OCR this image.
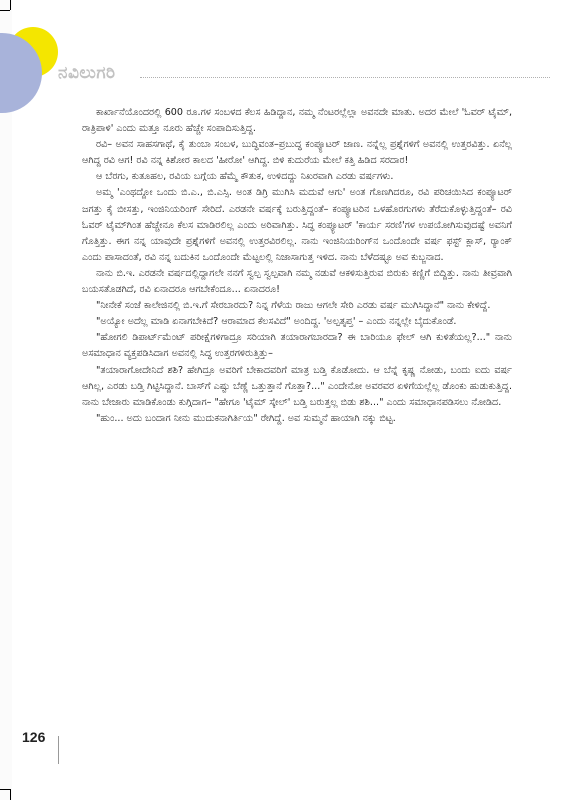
ನವಿಲುಗರಿ

ಕಾರ್ಖಾನೆಯೊಂದರಲ್ಲಿ 600 ರೂ.ಗಳ ಸಂಬಳದ ಕೆಲಸ ಹಿಡಿದ್ದಾನ, ನಮ್ಮ ನೆಂಟರಲ್ಲೆಲ್ಲಾ ಅವನದೇ ಮಾತು. ಅದರ ಮೇಲೆ 'ಓವರ್ ಟೈಮ್, ರಾತ್ರಿಪಾಳಿ' ಎಂದು ಮತ್ತೂ ನೂರು ಹೆಚ್ಚೇ ಸಂಪಾದಿಸುತ್ತಿದ್ದ.

ರವಿ– ಅವನ ಸಾಹಸಗಾಥೆ, ಕೈ ತುಂಬಾ ಸಂಬಳ, ಬುದ್ಧಿವಂತ–ಪ್ರಬುದ್ಧ ಕಂಪ್ಯೂಟರ್ ಜಾಣ. ನನ್ನೆಲ್ಲ ಪ್ರಶ್ನೆಗಳಿಗೆ ಅವನಲ್ಲಿ ಉತ್ತರವಿತ್ತು. ಏನೆಲ್ಲ ಆಗಿದ್ದ ರವಿ ಆಗ! ರವಿ ನನ್ನ ಕಿಶೋರ ಕಾಲದ 'ಹೀರೋ' ಆಗಿದ್ದ. ಬಿಳಿ ಕುದುರೆಯ ಮೇಲೆ ಕತ್ತಿ ಹಿಡಿದ ಸರದಾರ!

ಆ ಬೆರಗು, ಕುತೂಹಲ, ರವಿಯ ಬಗ್ಗೆಯ ಹೆಮ್ಮೆ ಕೌತುಕ, ಉಳಿದದ್ದು ನಿಖರವಾಗಿ ಎರಡು ವರ್ಷಗಳು.

ಅಮ್ಮ 'ಎಂಥದ್ದೋ ಒಂದು ಬಿ.ಎ., ಬಿ.ಎಸ್ಸಿ. ಅಂತ ಡಿಗ್ರಿ ಮುಗಿಸಿ ಮದುವೆ ಆಗು' ಅಂತ ಗೊಣಗಿದರೂ, ರವಿ ಪರಿಚಯಿಸಿದ ಕಂಪ್ಯೂಟರ್ ಜಗತ್ತು ಕೈ ಬೀಸತ್ತು, ಇಂಜಿನಿಯರಿಂಗ್ ಸೇರಿದೆ. ಎರಡನೇ ವರ್ಷಕ್ಕೆ ಬರುತ್ತಿದ್ದಂತೆ– ಕಂಪ್ಯೂಟರಿನ ಒಳಹೊರಗುಗಳು ತೆರೆದುಕೊಳ್ಳುತ್ತಿದ್ದಂತೆ– ರವಿ ಓವರ್ ಟೈಮ್‌ಗಿಂತ ಹೆಚ್ಚೇನೂ ಕೆಲಸ ಮಾಡಿರಲಿಲ್ಲ ಎಂದು ಅರಿವಾಗಿತ್ತು. ಸಿದ್ಧ ಕಂಪ್ಯೂಟರ್ 'ಕಾರ್ಯ ಸರಣಿ'ಗಳ ಉಪಯೋಗಿಸುವುದಷ್ಟೆ ಅವನಿಗೆ ಗೊತ್ತಿತ್ತು. ಈಗ ನನ್ನ ಯಾವುದೇ ಪ್ರಶ್ನೆಗಳಿಗೆ ಅವನಲ್ಲಿ ಉತ್ತರವಿರಲಿಲ್ಲ. ನಾನು ಇಂಜಿನಿಯರಿಂಗ್‌ನ ಒಂದೊಂದೇ ವರ್ಷ ಫಸ್ಟ್ ಕ್ಲಾಸ್, ರ್‍ಯಾಂಕ್ ಎಂದು ಪಾಸಾದಂತೆ, ರವಿ ನನ್ನ ಬದುಕಿನ ಒಂದೊಂದೇ ಮೆಟ್ಟಲಲ್ಲಿ ನಿಜಾಸಾಗುತ್ತ ಇಳಿದ. ನಾನು ಬೆಳೆದಷ್ಟೂ ಅವ ಕುಬ್ಜನಾದ.

ನಾನು ಬಿ.ಇ. ಎರಡನೇ ವರ್ಷದಲ್ಲಿದ್ದಾಗಲೇ ನನಗೆ ಸ್ವಲ್ಪ ಸ್ವಲ್ಪವಾಗಿ ನಮ್ಮ ನಡುವೆ ಆಕಳಿಸುತ್ತಿರುವ ಬಿರುಕು ಕಣ್ಣಿಗೆ ಬಿದ್ದಿತ್ತು. ನಾನು ತೀವ್ರವಾಗಿ ಬಯಸತೊಡಗಿದೆ, ರವಿ ಏನಾದರೂ ಆಗಬೇಕೆಂದೂ... ಏನಾದರೂ!

"ನೀನೇಕೆ ಸಂಜೆ ಕಾಲೇಜಿನಲ್ಲಿ ಬಿ.ಇ.ಗೆ ಸೇರಬಾರದು? ನಿನ್ನ ಗೆಳೆಯ ರಾಜು ಆಗಲೇ ಸೇರಿ ಎರಡು ವರ್ಷ ಮುಗಿಸಿದ್ದಾನೆ" ನಾನು ಕೇಳಿದ್ದೆ.

"ಅಯ್ಯೋ ಅದೆಲ್ಲ ಮಾಡಿ ಏನಾಗಬೇಕಿದೆ? ಆರಾಮಾದ ಕೆಲಸವಿದೆ" ಅಂದಿದ್ದ. 'ಅಲ್ಪತೃಪ್ತ' – ಎಂದು ನನ್ನಲ್ಲೇ ಬೈದುಕೊಂಡೆ.

"ಹೋಗಲಿ ಡಿಪಾರ್ಟ್‌ಮೆಂಟ್ ಪರೀಕ್ಷೆಗಳಿಗಾದ್ರೂ ಸರಿಯಾಗಿ ತಯಾರಾಗಬಾರದಾ? ಈ ಬಾರಿಯೂ ಫೇಲ್ ಆಗಿ ಕುಳಿತೆಯಲ್ಲ?..." ನಾನು ಅಸಮಾಧಾನ ವ್ಯಕ್ತಪಡಿಸಿದಾಗ ಅವನಲ್ಲಿ ಸಿದ್ಧ ಉತ್ತರಗಳಿರುತ್ತಿತ್ತು–

"ತಯಾರಾಗೋದೇನಿದೆ ಶಶಿ? ಹೇಗಿದ್ರೂ ಅವರಿಗೆ ಬೇಕಾದವರಿಗೆ ಮಾತ್ರ ಬಡ್ತಿ ಕೊಡೋದು. ಆ ಬೆನ್ನೆ ಕೃಷ್ಣ ನೋಡು, ಬಂದು ಐದು ವರ್ಷ ಆಗಿಲ್ಲ, ಎರಡು ಬಡ್ತಿ ಗಿಟ್ಟಿಸಿದ್ದಾನೆ. ಬಾಸ್‌ಗೆ ಎಷ್ಟು ಬೆಣ್ಣೆ ಒತ್ತುತ್ತಾನೆ ಗೊತ್ತಾ?..." ಎಂದೇನೋ ಅವರವರ ಏಳಿಗೆಯಲ್ಲೆಲ್ಲ ಡೊಂಕು ಹುಡುಕುತ್ತಿದ್ದ. ನಾನು ಬೇಜಾರು ಮಾಡಿಕೊಂಡು ಕುಗ್ಗಿದಾಗ– "ಹೇಗೂ 'ಟೈಮ್ ಸ್ಕೇಲ್' ಬಡ್ತಿ ಬರುತ್ತಲ್ಲ ಬಿಡು ಶಶಿ..." ಎಂದು ಸಮಾಧಾನಪಡಿಸಲು ನೋಡಿದ.

"ಹುಂ... ಅದು ಬಂದಾಗ ನೀನು ಮುದುಕನಾಗಿರ್ತಿಯ" ರೇಗಿದ್ದೆ. ಅವ ಸುಮ್ಮನೆ ಹಾಯಾಗಿ ನಕ್ಕು ಬಿಟ್ಟ.

126
